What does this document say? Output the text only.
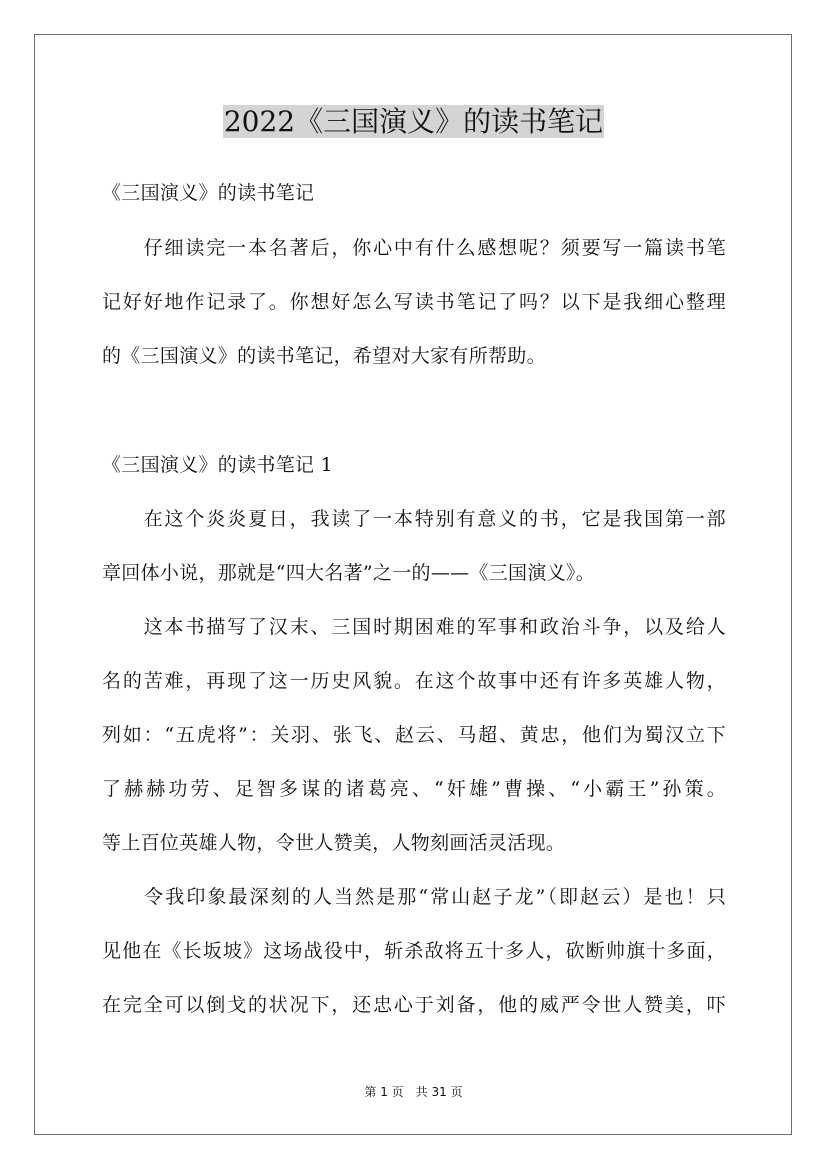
2022《三国演义》的读书笔记
《三国演义》的读书笔记
　　仔细读完一本名著后，你心中有什么感想呢？须要写一篇读书笔
记好好地作记录了。你想好怎么写读书笔记了吗？以下是我细心整理
的《三国演义》的读书笔记，希望对大家有所帮助。
《三国演义》的读书笔记 1
　　在这个炎炎夏日，我读了一本特别有意义的书，它是我国第一部
章回体小说，那就是“四大名著”之一的——《三国演义》。
　　这本书描写了汉末、三国时期困难的军事和政治斗争，以及给人
名的苦难，再现了这一历史风貌。在这个故事中还有许多英雄人物，
列如：“五虎将”：关羽、张飞、赵云、马超、黄忠，他们为蜀汉立下
了赫赫功劳、足智多谋的诸葛亮、“奸雄”曹操、“小霸王”孙策。
等上百位英雄人物，令世人赞美，人物刻画活灵活现。
　　令我印象最深刻的人当然是那“常山赵子龙”（即赵云）是也！只
见他在《长坂坡》这场战役中，斩杀敌将五十多人，砍断帅旗十多面，
在完全可以倒戈的状况下，还忠心于刘备，他的威严令世人赞美，吓
第 1 页　共 31 页
